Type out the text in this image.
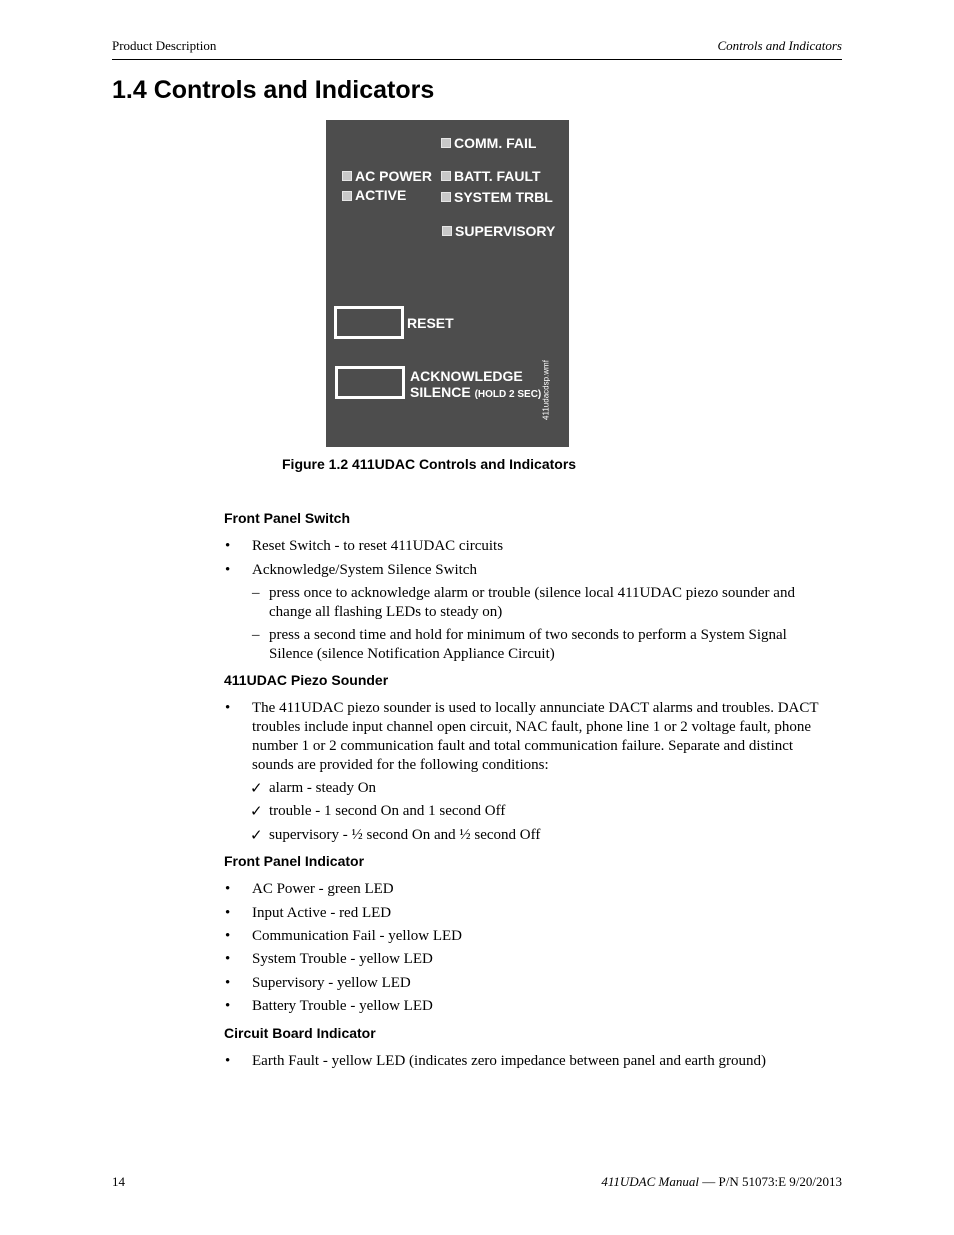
Product Description	Controls and Indicators
1.4 Controls and Indicators
COMM. FAIL
AC POWER BATT. FAULT
ACTIVE	SYSTEM TRBL
SUPERVISORY
RESET
ACKNOWLEDGE
SILENCE (HOLD 2 SEC) 411udacdsp.wmf
Figure 1.2 411UDAC Controls and Indicators
Front Panel Switch
• Reset Switch - to reset 411UDAC circuits
• Acknowledge/System Silence Switch
– press once to acknowledge alarm or trouble (silence local 411UDAC piezo sounder and
change all flashing LEDs to steady on)
– press a second time and hold for minimum of two seconds to perform a System Signal
Silence (silence Notification Appliance Circuit)
411UDAC Piezo Sounder
• The 411UDAC piezo sounder is used to locally annunciate DACT alarms and troubles. DACT
troubles include input channel open circuit, NAC fault, phone line 1 or 2 voltage fault, phone
number 1 or 2 communication fault and total communication failure. Separate and distinct
sounds are provided for the following conditions:
✓ alarm - steady On
✓ trouble - 1 second On and 1 second Off
✓ supervisory - ½ second On and ½ second Off
Front Panel Indicator
• AC Power - green LED
• Input Active - red LED
• Communication Fail - yellow LED
• System Trouble - yellow LED
• Supervisory - yellow LED
• Battery Trouble - yellow LED
Circuit Board Indicator
• Earth Fault - yellow LED (indicates zero impedance between panel and earth ground)
14	411UDAC Manual — P/N 51073:E 9/20/2013
